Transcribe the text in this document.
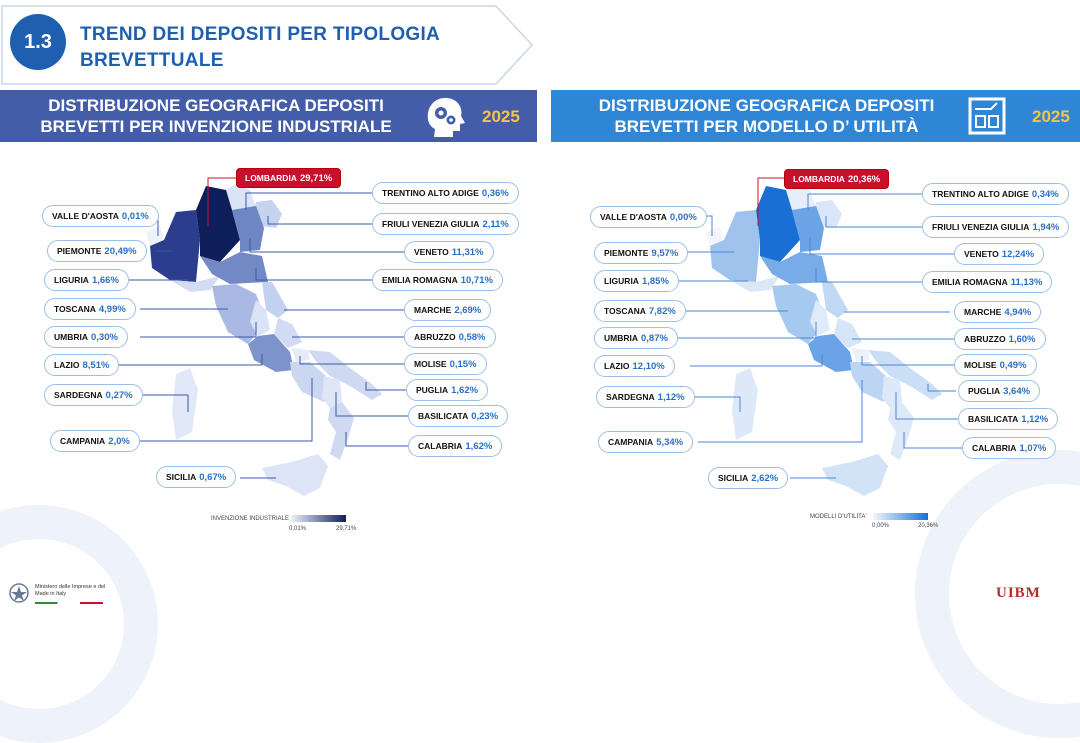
1.3	TREND DEI DEPOSITI PER TIPOLOGIA BREVETTUALE
DISTRIBUZIONE GEOGRAFICA DEPOSITI BREVETTI PER INVENZIONE INDUSTRIALE
2025
DISTRIBUZIONE GEOGRAFICA DEPOSITI BREVETTI PER MODELLO D’ UTILITÀ
2025
LOMBARDIA 29,71%
VALLE D'AOSTA 0,01%
PIEMONTE 20,49%
LIGURIA 1,66%
TOSCANA 4,99%
UMBRIA 0,30%
LAZIO 8,51%
SARDEGNA 0,27%
CAMPANIA 2,0%
SICILIA 0,67%
TRENTINO ALTO ADIGE 0,36%
FRIULI VENEZIA GIULIA 2,11%
VENETO 11,31%
EMILIA ROMAGNA 10,71%
MARCHE 2,69%
ABRUZZO 0,58%
MOLISE 0,15%
PUGLIA 1,62%
BASILICATA 0,23%
CALABRIA 1,62%
LOMBARDIA 20,36%
VALLE D'AOSTA 0,00%
PIEMONTE 9,57%
LIGURIA 1,85%
TOSCANA 7,82%
UMBRIA 0,87%
LAZIO 12,10%
SARDEGNA 1,12%
CAMPANIA 5,34%
SICILIA 2,62%
TRENTINO ALTO ADIGE 0,34%
FRIULI VENEZIA GIULIA 1,94%
VENETO 12,24%
EMILIA ROMAGNA 11,13%
MARCHE 4,94%
ABRUZZO 1,60%
MOLISE 0,49%
PUGLIA 3,64%
BASILICATA 1,12%
CALABRIA 1,07%
INVENZIONE INDUSTRIALE
0,01%	29,71%
MODELLI D'UTILITA'
0,00%	20,36%
Ministero delle Imprese e del Made in Italy	UIBM
